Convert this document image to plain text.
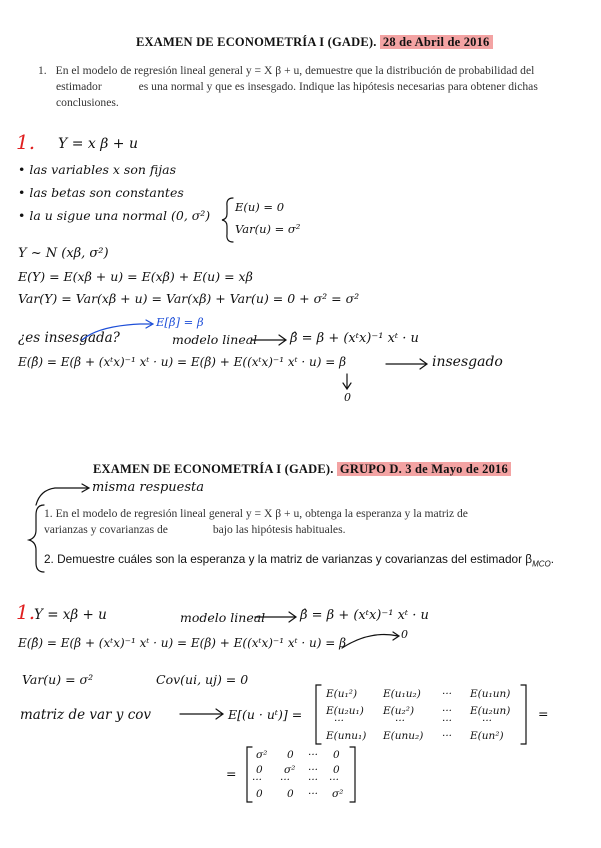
EXAMEN DE ECONOMETRÍA I (GADE). 28 de Abril de 2016
1. En el modelo de regresión lineal general y = X β + u, demuestre que la distribución de probabilidad del
estimador	es una normal y que es insesgado. Indique las hipótesis necesarias para obtener dichas
conclusiones.
1. Y = x β + u
• las variables x son fijas
• las betas son constantes
• la u sigue una normal (0, σ²)
E(u) = 0
Var(u) = σ²
Y ~ N (xβ, σ²)
E(Y) = E(xβ + u) = E(xβ) + E(u) = xβ
Var(Y) = Var(xβ + u) = Var(xβ) + Var(u) = 0 + σ² = σ²
E[β̂] = β
¿es insesgada?	modelo lineal	β̂ = β + (xᵗx)⁻¹ xᵗ · u
E(β̂) = E(β + (xᵗx)⁻¹ xᵗ · u) = E(β) + E((xᵗx)⁻¹ xᵗ · u) = β	insesgado
0
EXAMEN DE ECONOMETRÍA I (GADE). GRUPO D. 3 de Mayo de 2016
misma respuesta
1. En el modelo de regresión lineal general y = X β + u, obtenga la esperanza y la matriz de
varianzas y covarianzas de	bajo las hipótesis habituales.
2. Demuestre cuáles son la esperanza y la matriz de varianzas y covarianzas del estimador $\beta_{MCO}$.
1.
Y = xβ + u	modelo lineal	β̂ = β + (xᵗx)⁻¹ xᵗ · u
0
E(β̂) = E(β + (xᵗx)⁻¹ xᵗ · u) = E(β) + E((xᵗx)⁻¹ xᵗ · u) = β
Var(u) = σ²	Cov(ui, uj) = 0
matriz de var y cov	E[(u · uᵗ)] =
E(u₁²) E(u₁u₂) ··· E(u₁un)
E(u₂u₁) E(u₂²)	··· E(u₂un)
···	···	···	···
E(unu₁) E(unu₂) ··· E(un²)
=
=
σ² 0 ··· 0
0 σ² ··· 0
··· ··· ··· ···
0 0 ··· σ²
